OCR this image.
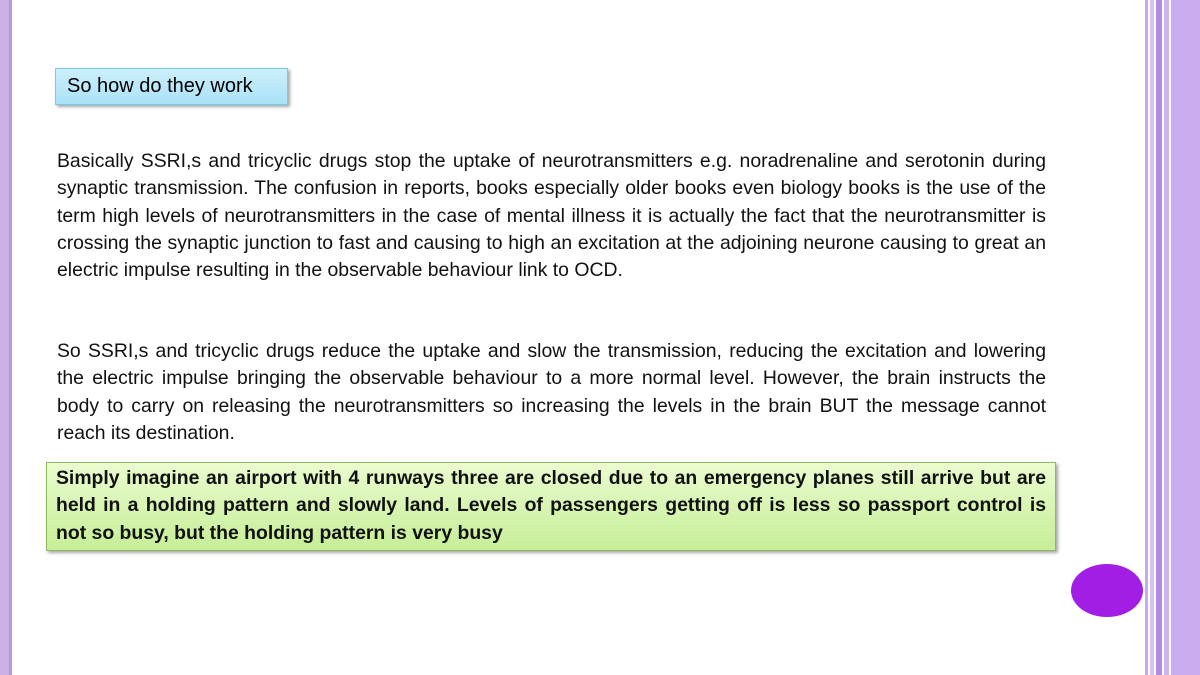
So how do they work

Basically SSRI,s and tricyclic drugs stop the uptake of neurotransmitters e.g. noradrenaline and serotonin during synaptic transmission. The confusion in reports, books especially older books even biology books is the use of the term high levels of neurotransmitters in the case of mental illness it is actually the fact that the neurotransmitter is crossing the synaptic junction to fast and causing to high an excitation at the adjoining neurone causing to great an electric impulse resulting in the observable behaviour link to OCD.

So SSRI,s and tricyclic drugs reduce the uptake and slow the transmission, reducing the excitation and lowering the electric impulse bringing the observable behaviour to a more normal level. However, the brain instructs the body to carry on releasing the neurotransmitters so increasing the levels in the brain BUT the message cannot reach its destination.

Simply imagine an airport with 4 runways three are closed due to an emergency planes still arrive but are held in a holding pattern and slowly land. Levels of passengers getting off is less so passport control is not so busy, but the holding pattern is very busy
